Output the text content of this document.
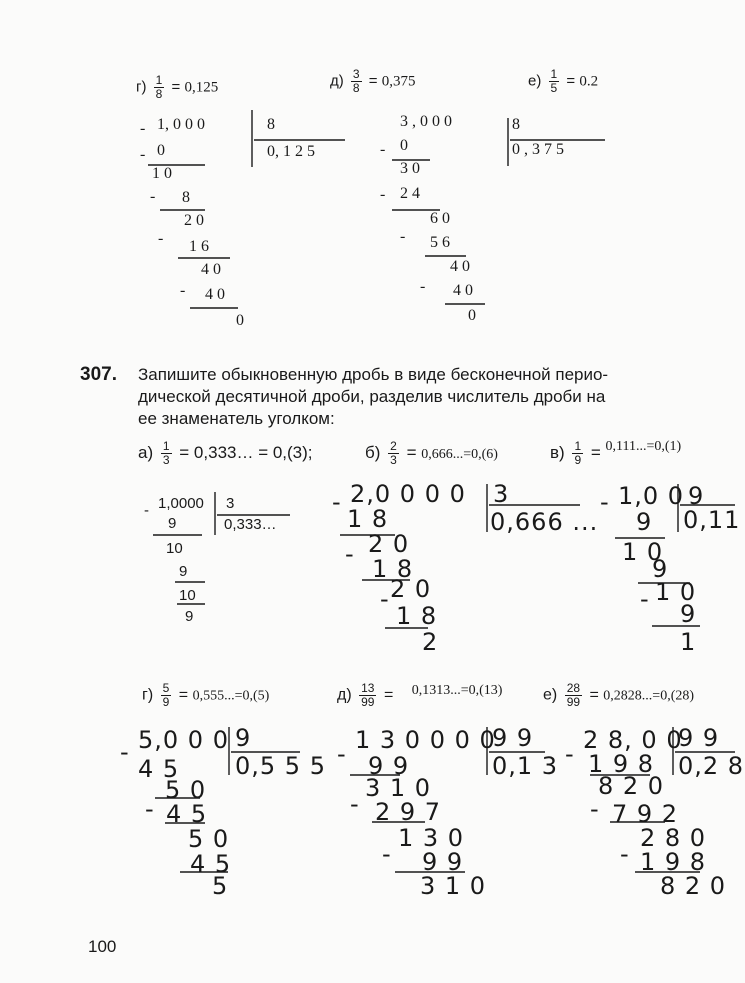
$г) \frac{1}{8} = 0,125$	$д) \frac{3}{8} = 0,375$	$е) \frac{1}{5} = 0.2$
- 1, 0 0 0	8
0, 1 2 5
- 0
1 0
- 8
2 0
- 1 6
4 0
- 4 0
0
3 , 0 0 0	8
0 , 3 7 5
- 0
3 0
- 2 4
6 0
- 5 6
4 0
- 4 0
0
307. Запишите обыкновенную дробь в виде бесконечной перио-
дической десятичной дроби, разделив числитель дроби на
ее знаменатель уголком:
$а) \frac{1}{3}$ = 0,333… = 0,(3);	$б) \frac{2}{3} = 0,666...=0,(6)$	$в) \frac{1}{9} = ^{0,111...=0,(1)}$
- 1,0000 3
0,333…
9
10
9
10
9
- 2,0 0 0 0 3
0,666 ...
1 8
- 2 0
1 8
- 2 0
1 8
2
- 1,0 0 9
0,11
9
1 0
9
- 1 0
9
1
$г) \frac{5}{9} = 0,555...=0,(5)$	$д) \frac{13}{99} = 0,1313...=0,(13)$	$е) \frac{28}{99} = 0,2828...=0,(28)$
- 5,0 0 0 9
0,5 5 5
4 5
-
5 0
4 5
5 0
4 5
5
- 1 3 0 0 0 0
9 9
0,1 3
9 9
-
3 1 0
2 9 7
-
1 3 0
9 9
3 1 0
- 2 8, 0 0
9 9
0,2 8
1 9 8
8 2 0
- 7 9 2
-
2 8 0
1 9 8
8 2 0
100
